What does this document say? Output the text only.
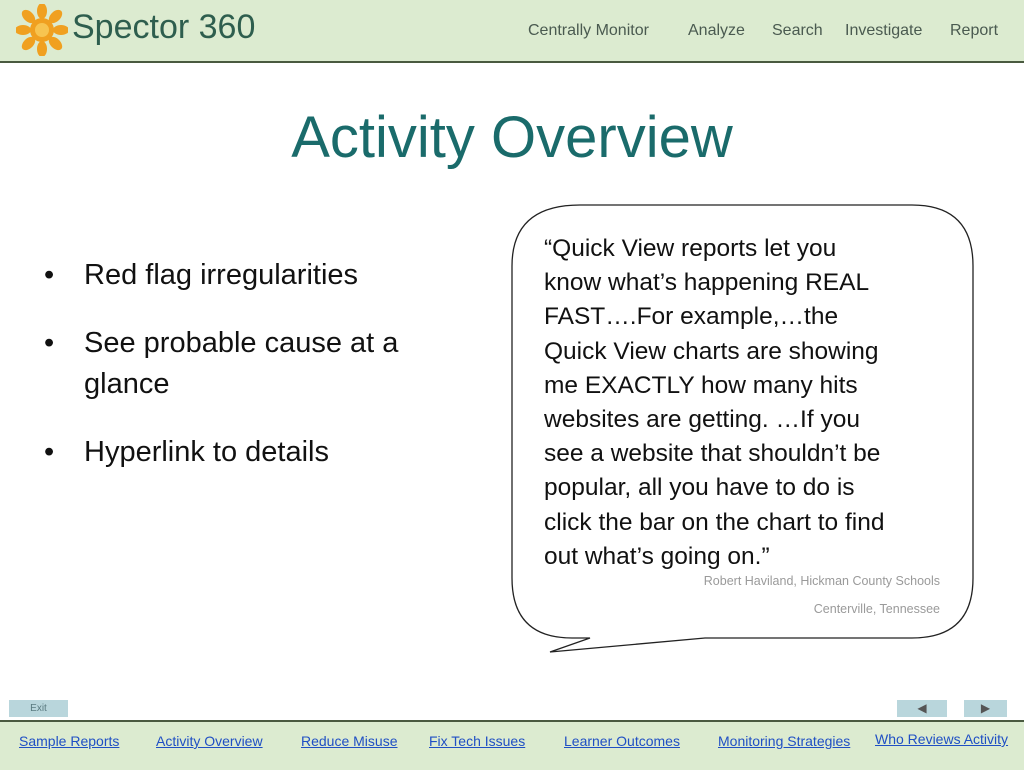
Spector 360	Centrally Monitor Analyze Search Investigate Report
Activity Overview
• Red flag irregularities
• See probable cause at a glance
• Hyperlink to details
“Quick View reports let you
know what’s happening REAL
FAST….For example,…the
Quick View charts are showing
me EXACTLY how many hits
websites are getting. …If you
see a website that shouldn’t be
popular, all you have to do is
click the bar on the chart to find
out what’s going on.”
Robert Haviland, Hickman County Schools
Centerville, Tennessee
Exit	◀	▶
Sample Reports	Activity Overview	Reduce Misuse Fix Tech Issues	Learner Outcomes	Monitoring Strategies Who Reviews Activity
